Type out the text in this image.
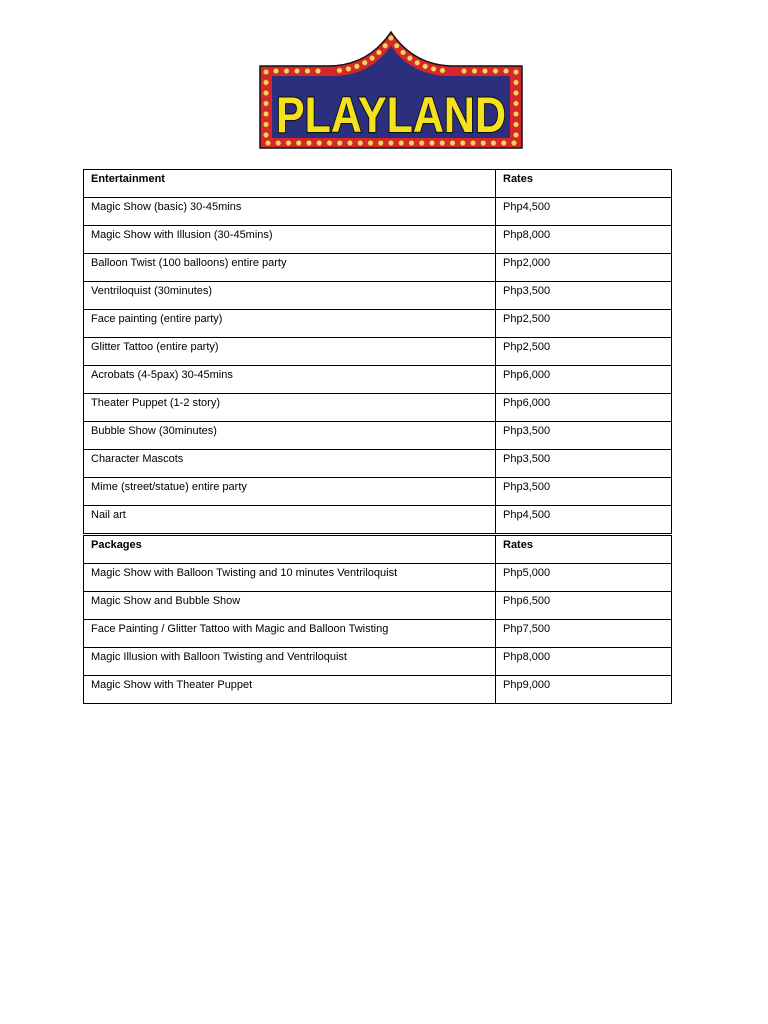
PLAYLAND
Entertainment	Rates
Magic Show (basic) 30-45mins	Php4,500
Magic Show with Illusion (30-45mins)	Php8,000
Balloon Twist (100 balloons) entire party	Php2,000
Ventriloquist (30minutes)	Php3,500
Face painting (entire party)	Php2,500
Glitter Tattoo (entire party)	Php2,500
Acrobats (4-5pax) 30-45mins	Php6,000
Theater Puppet (1-2 story)	Php6,000
Bubble Show (30minutes)	Php3,500
Character Mascots	Php3,500
Mime (street/statue) entire party	Php3,500
Nail art	Php4,500
Packages	Rates
Magic Show with Balloon Twisting and 10 minutes Ventriloquist	Php5,000
Magic Show and Bubble Show	Php6,500
Face Painting / Glitter Tattoo with Magic and Balloon Twisting	Php7,500
Magic Illusion with Balloon Twisting and Ventriloquist	Php8,000
Magic Show with Theater Puppet	Php9,000
